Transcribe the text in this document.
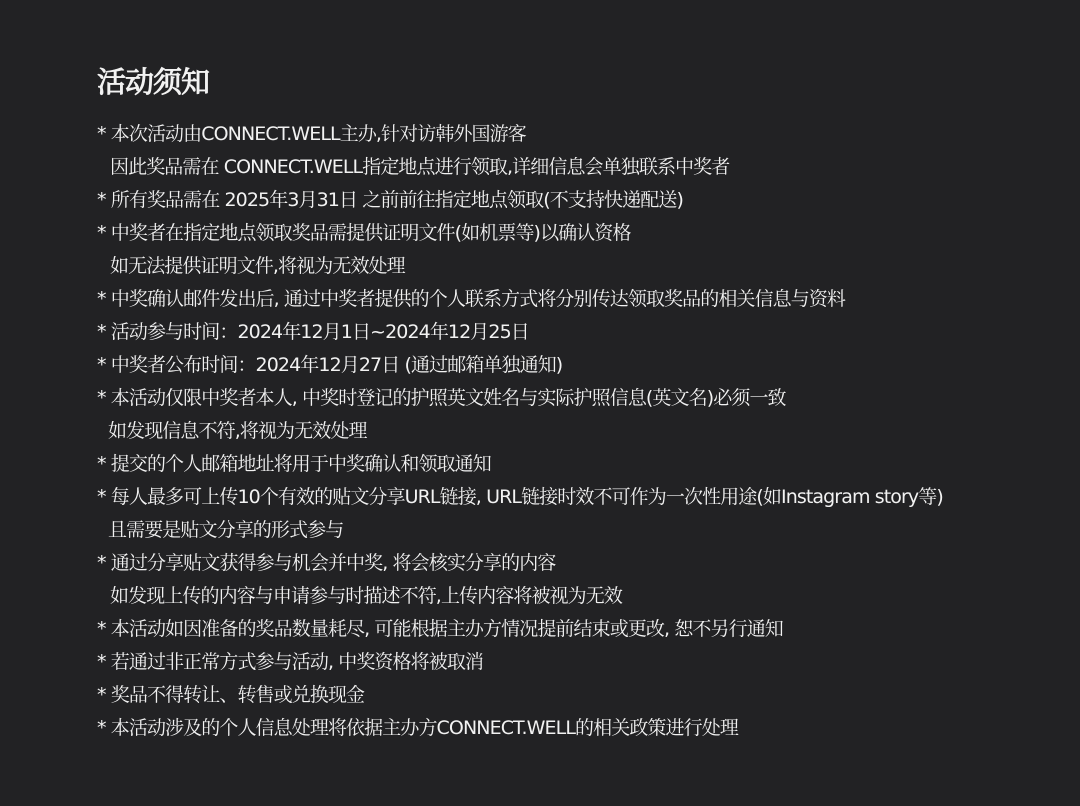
活动须知
* 本次活动由CONNECT.WELL主办,针对访韩外国游客
因此奖品需在 CONNECT.WELL指定地点进行领取,详细信息会单独联系中奖者
* 所有奖品需在 2025年3月31日 之前前往指定地点领取(不支持快递配送)
* 中奖者在指定地点领取奖品需提供证明文件(如机票等)以确认资格
如无法提供证明文件,将视为无效处理
* 中奖确认邮件发出后, 通过中奖者提供的个人联系方式将分别传达领取奖品的相关信息与资料
* 活动参与时间：2024年12月1日~2024年12月25日
* 中奖者公布时间：2024年12月27日 (通过邮箱单独通知)
* 本活动仅限中奖者本人, 中奖时登记的护照英文姓名与实际护照信息(英文名)必须一致
如发现信息不符,将视为无效处理
* 提交的个人邮箱地址将用于中奖确认和领取通知
* 每人最多可上传10个有效的贴文分享URL链接, URL链接时效不可作为一次性用途(如Instagram story等)
且需要是贴文分享的形式参与
* 通过分享贴文获得参与机会并中奖, 将会核实分享的内容
如发现上传的内容与申请参与时描述不符,上传内容将被视为无效
* 本活动如因准备的奖品数量耗尽, 可能根据主办方情况提前结束或更改, 恕不另行通知
* 若通过非正常方式参与活动, 中奖资格将被取消
* 奖品不得转让、转售或兑换现金
* 本活动涉及的个人信息处理将依据主办方CONNECT.WELL的相关政策进行处理
